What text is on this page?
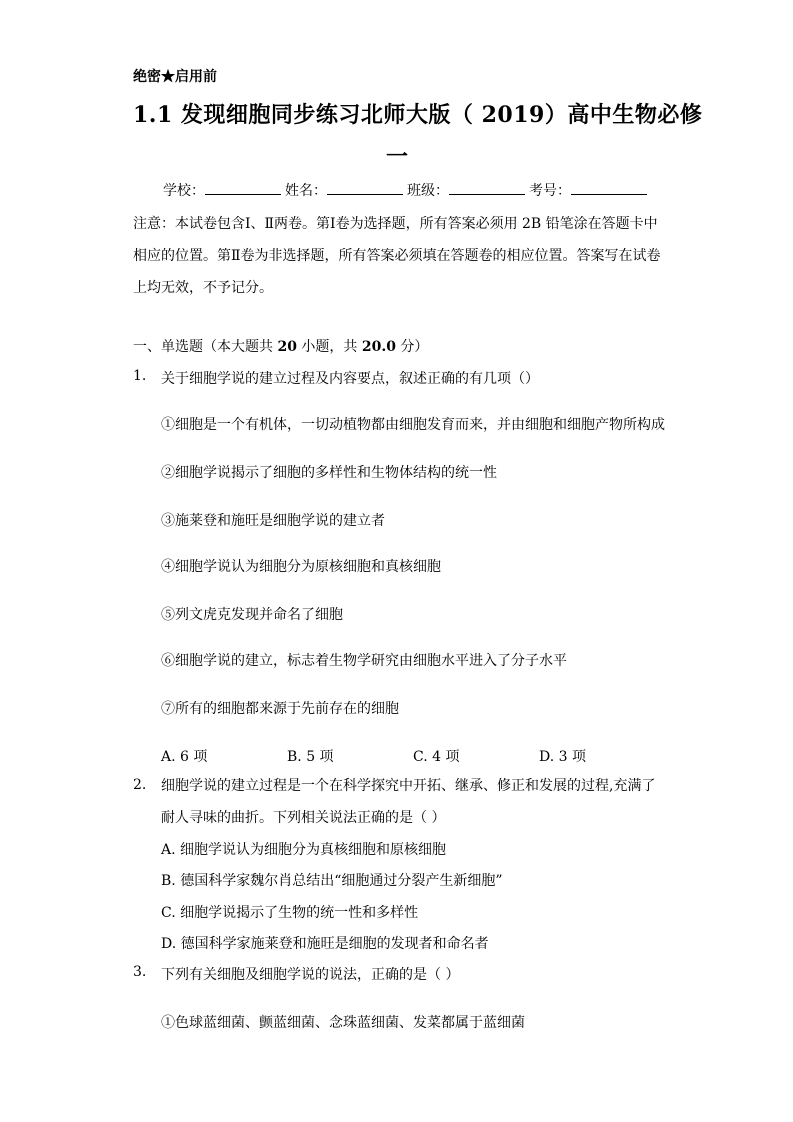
绝密★启用前
1.1 发现细胞同步练习北师大版（ 2019）高中生物必修
一
学校：	姓名：	班级：	考号：
注意：本试卷包含Ⅰ、Ⅱ两卷。第Ⅰ卷为选择题，所有答案必须用 2B 铅笔涂在答题卡中相应的位置。第Ⅱ卷为非选择题，所有答案必须填在答题卷的相应位置。答案写在试卷上均无效，不予记分。
一、单选题（本大题共 20 小题，共 20.0 分）
1. 关于细胞学说的建立过程及内容要点，叙述正确的有几项（）
①细胞是一个有机体，一切动植物都由细胞发育而来，并由细胞和细胞产物所构成
②细胞学说揭示了细胞的多样性和生物体结构的统一性
③施莱登和施旺是细胞学说的建立者
④细胞学说认为细胞分为原核细胞和真核细胞
⑤列文虎克发现并命名了细胞
⑥细胞学说的建立，标志着生物学研究由细胞水平进入了分子水平
⑦所有的细胞都来源于先前存在的细胞
A. 6 项	B. 5 项	C. 4 项	D. 3 项
2. 细胞学说的建立过程是一个在科学探究中开拓、继承、修正和发展的过程,充满了耐人寻味的曲折。下列相关说法正确的是（ ）
A. 细胞学说认为细胞分为真核细胞和原核细胞
B. 德国科学家魏尔肖总结出“细胞通过分裂产生新细胞”
C. 细胞学说揭示了生物的统一性和多样性
D. 德国科学家施莱登和施旺是细胞的发现者和命名者
3. 下列有关细胞及细胞学说的说法，正确的是（ ）
①色球蓝细菌、颤蓝细菌、念珠蓝细菌、发菜都属于蓝细菌
